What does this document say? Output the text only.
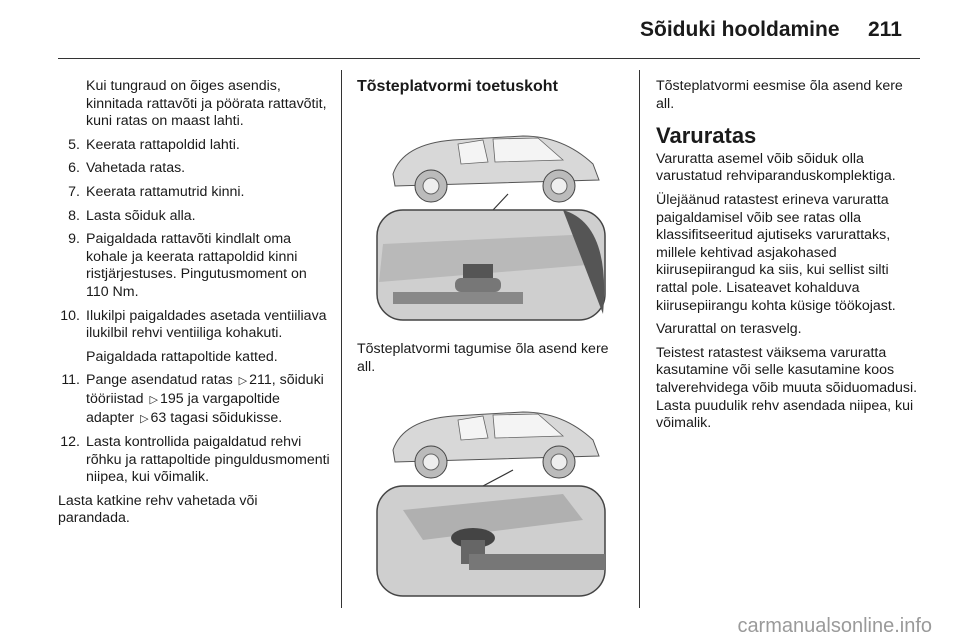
Sõiduki hooldamine 211

Kui tungraud on õiges asendis, kinnitada rattavõti ja pöörata rattavõtit, kuni ratas on maast lahti.

5. Keerata rattapoldid lahti.
6. Vahetada ratas.
7. Keerata rattamutrid kinni.
8. Lasta sõiduk alla.
9. Paigaldada rattavõti kindlalt oma kohale ja keerata rattapoldid kinni ristjärjestuses. Pingutusmoment on 110 Nm.
10. Ilukilpi paigaldades asetada ventiiliava ilukilbil rehvi ventiiliga kohakuti.
Paigaldada rattapoltide katted.
11. Pange asendatud ratas ▷ 211, sõiduki tööriistad ▷ 195 ja vargapoltide adapter ▷ 63 tagasi sõidukisse.
12. Lasta kontrollida paigaldatud rehvi rõhku ja rattapoltide pinguldusmomenti niipea, kui võimalik.

Lasta katkine rehv vahetada või parandada.

Tõsteplatvormi toetuskoht

Tõsteplatvormi tagumise õla asend kere all.

Tõsteplatvormi eesmise õla asend kere all.

Varuratas

Varuratta asemel võib sõiduk olla varustatud rehviparanduskomplektiga.

Ülejäänud ratastest erineva varuratta paigaldamisel võib see ratas olla klassifitseeritud ajutiseks varurattaks, millele kehtivad asjakohased kiirusepiirangud ka siis, kui sellist silti rattal pole. Lisateavet kohalduva kiirusepiirangu kohta küsige töökojast.

Varurattal on terasvelg.

Teistest ratastest väiksema varuratta kasutamine või selle kasutamine koos talverehvidega võib muuta sõiduomadusi. Lasta puudulik rehv asendada niipea, kui võimalik.

carmanualsonline.info
